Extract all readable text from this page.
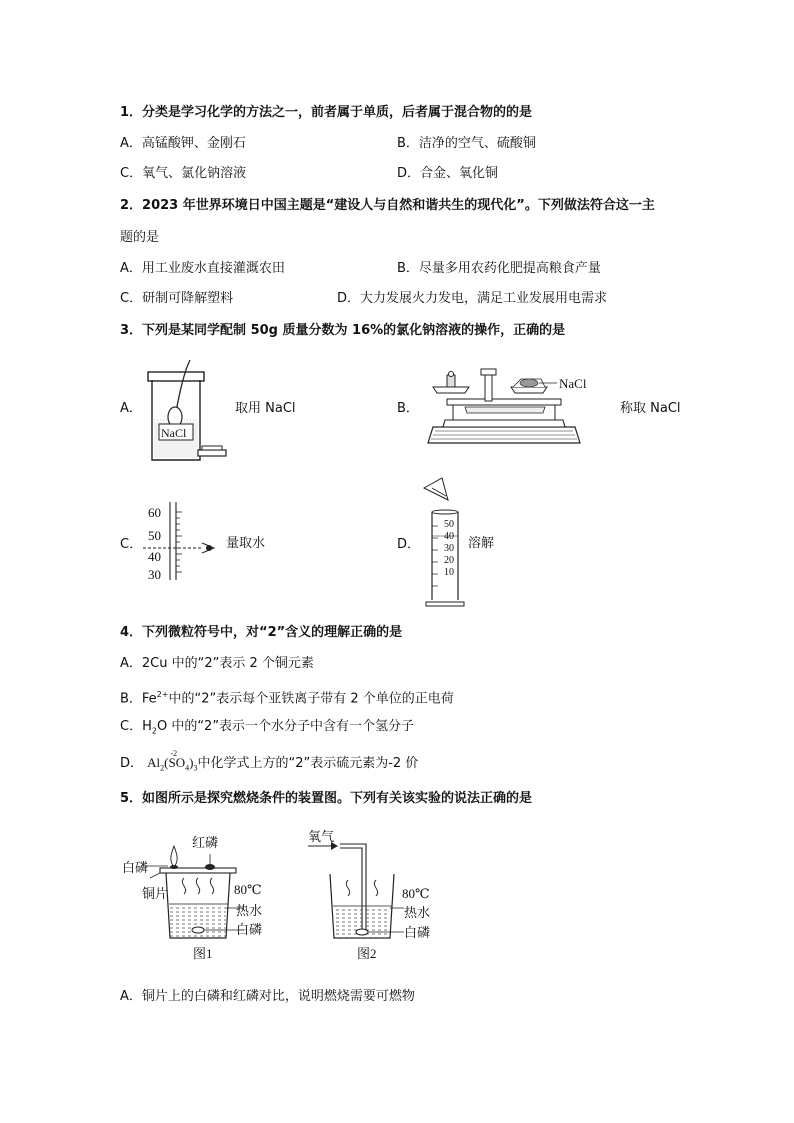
1．分类是学习化学的方法之一，前者属于单质，后者属于混合物的的是
A．高锰酸钾、金刚石	B．洁净的空气、硫酸铜
C．氧气、氯化钠溶液	D．合金、氧化铜
2．2023 年世界环境日中国主题是“建设人与自然和谐共生的现代化”。下列做法符合这一主
题的是
A．用工业废水直接灌溉农田	B．尽量多用农药化肥提高粮食产量
C．研制可降解塑料	D．大力发展火力发电，满足工业发展用电需求
3．下列是某同学配制 50g 质量分数为 16%的氯化钠溶液的操作，正确的是
A．
NaCl
取用 NaCl	B．
NaCl
称取 NaCl
C．
60
50
40
30
量取水	D．
50
40
30
20
10
溶解
4．下列微粒符号中，对“2”含义的理解正确的是
A．2Cu 中的“2”表示 2 个铜元素
B．$Fe^{2+}$中的“2”表示每个亚铁离子带有 2 个单位的正电荷
C．$H_2O$ 中的“2”表示一个水分子中含有一个氢分子
D． $Al_2(S$
-2
$O_4)_3$中化学式上方的“2”表示硫元素为-2 价
5．如图所示是探究燃烧条件的装置图。下列有关该实验的说法正确的是
红磷
白磷
铜片	80℃
热水
白磷
图1
氧气
80℃
热水
白磷
图2
A．铜片上的白磷和红磷对比，说明燃烧需要可燃物
